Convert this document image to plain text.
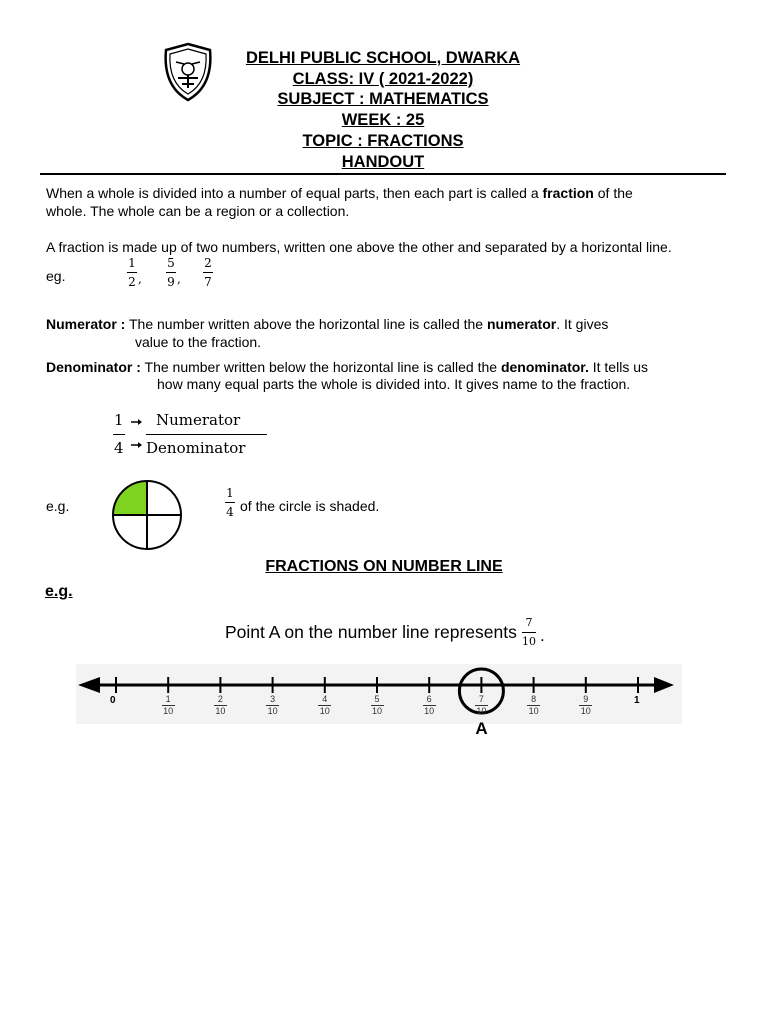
DELHI PUBLIC SCHOOL, DWARKA
CLASS: IV ( 2021-2022)
SUBJECT : MATHEMATICS
WEEK : 25
TOPIC : FRACTIONS
HANDOUT
When a whole is divided into a number of equal parts, then each part is called a fraction of the
whole. The whole can be a region or a collection.
A fraction is made up of two numbers, written one above the other and separated by a horizontal line.
eg.
1
2 ,
5
9 ,
2
7
Numerator : The number written above the horizontal line is called the numerator. It gives
value to the fraction.
Denominator : The number written below the horizontal line is called the denominator. It tells us
how many equal parts the whole is divided into. It gives name to the fraction.
1
4
Numerator
Denominator
e.g.
1
4 of the circle is shaded.
FRACTIONS ON NUMBER LINE
e.g.
Point A on the number line represents 7
10 .
1
10
2
10
3
10
4
10
5
10
6
10
7
10
8
10
9
10
0	1
A
